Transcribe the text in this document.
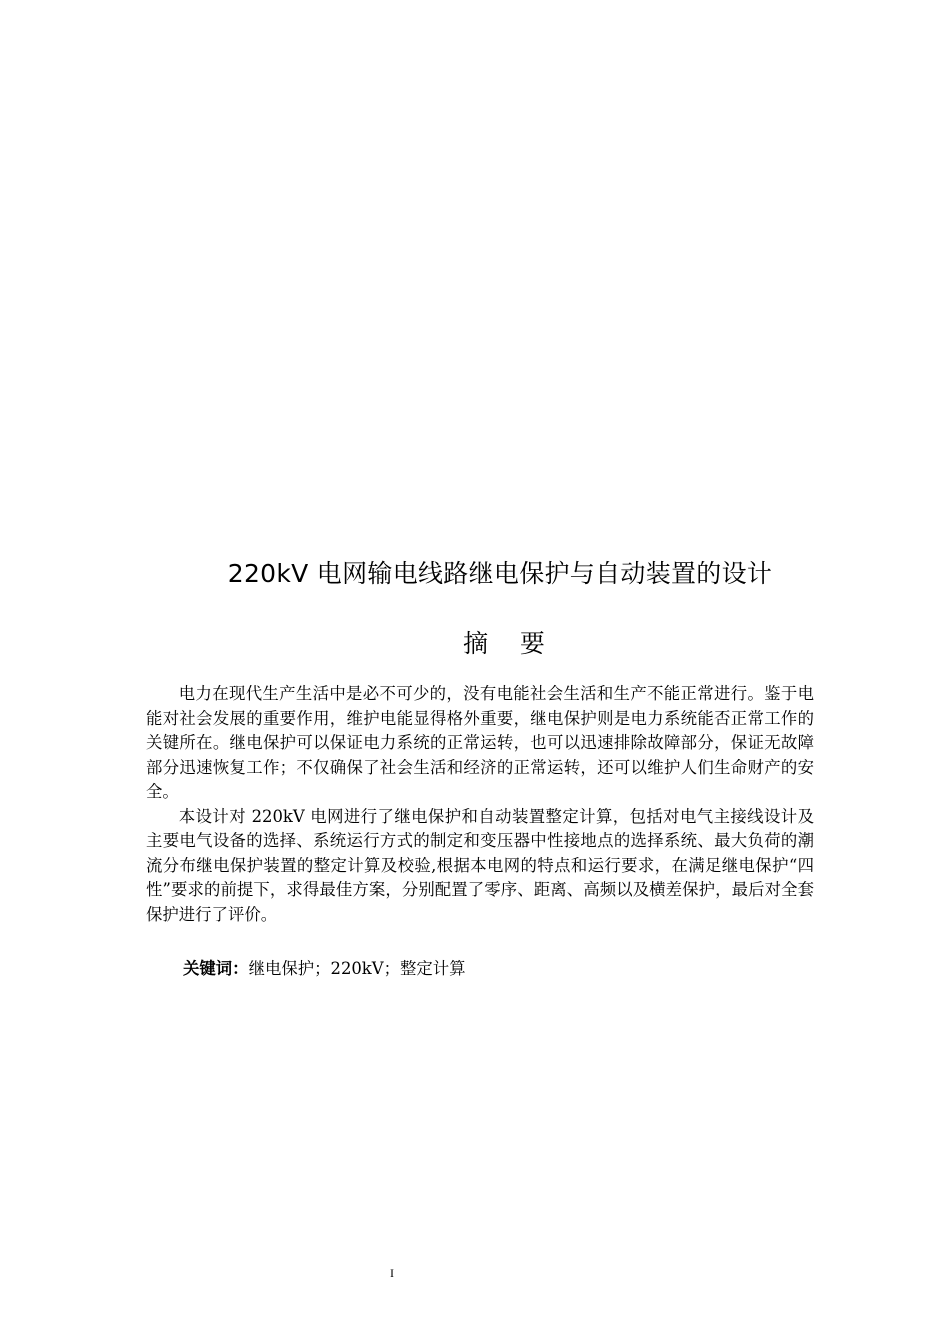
220kV 电网输电线路继电保护与自动装置的设计
摘    要

电力在现代生产生活中是必不可少的，没有电能社会生活和生产不能正常进行。鉴于电能对社会发展的重要作用，维护电能显得格外重要，继电保护则是电力系统能否正常工作的关键所在。继电保护可以保证电力系统的正常运转，也可以迅速排除故障部分，保证无故障部分迅速恢复工作；不仅确保了社会生活和经济的正常运转，还可以维护人们生命财产的安全。

本设计对 220kV 电网进行了继电保护和自动装置整定计算，包括对电气主接线设计及主要电气设备的选择、系统运行方式的制定和变压器中性接地点的选择系统、最大负荷的潮流分布继电保护装置的整定计算及校验,根据本电网的特点和运行要求，在满足继电保护“四性”要求的前提下，求得最佳方案，分别配置了零序、距离、高频以及横差保护，最后对全套保护进行了评价。

关键词：继电保护；220kV；整定计算
I
